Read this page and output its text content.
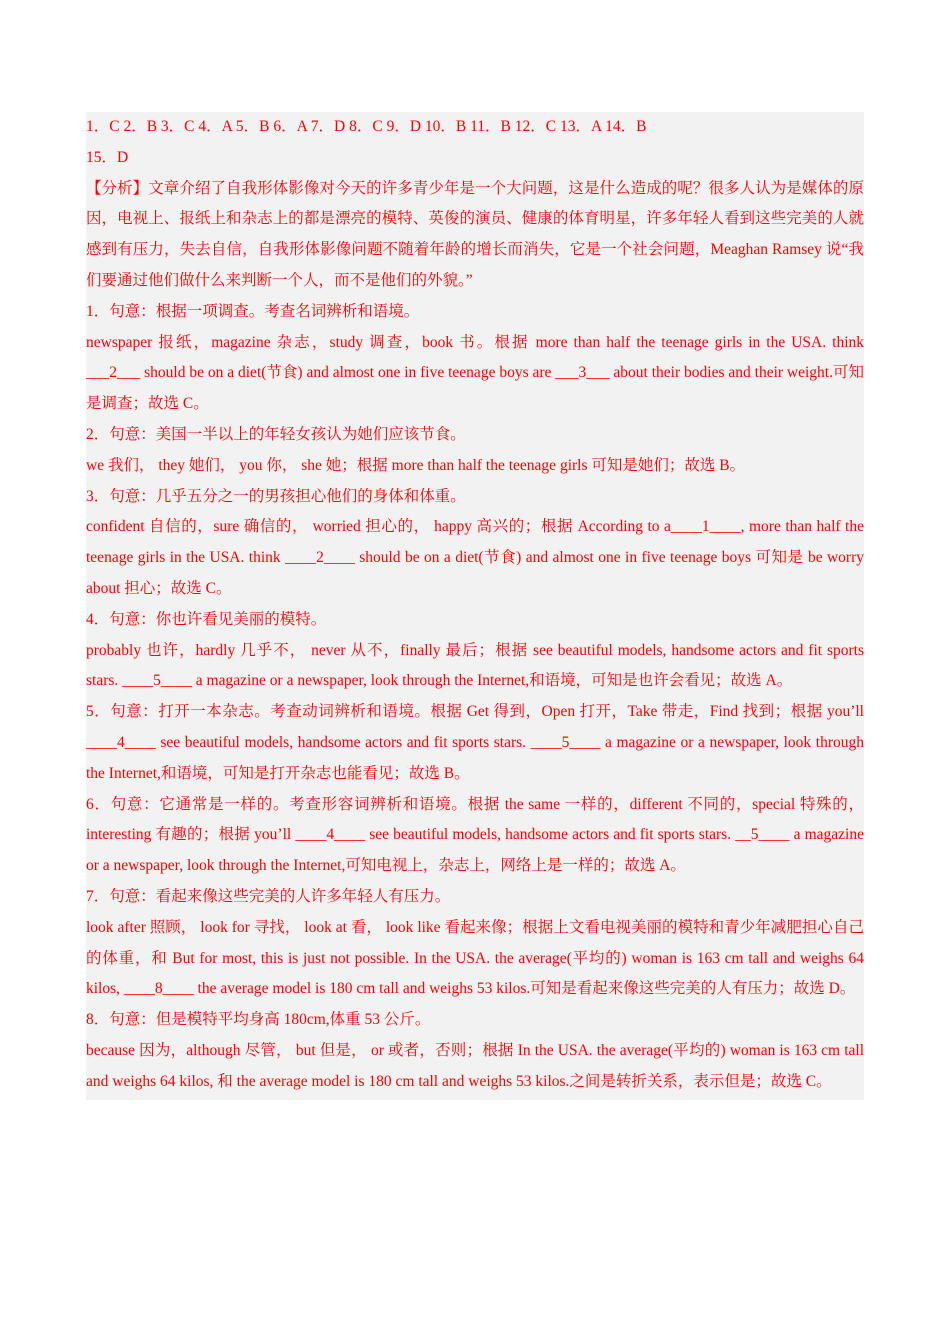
1．C 2．B 3．C 4．A 5．B 6．A 7．D 8．C 9．D 10．B 11．B 12．C 13．A 14．B
15．D

【分析】文章介绍了自我形体影像对今天的许多青少年是一个大问题，这是什么造成的呢？很多人认为是媒体的原因，电视上、报纸上和杂志上的都是漂亮的模特、英俊的演员、健康的体育明星，许多年轻人看到这些完美的人就感到有压力，失去自信，自我形体影像问题不随着年龄的增长而消失，它是一个社会问题，Meaghan Ramsey 说“我们要通过他们做什么来判断一个人，而不是他们的外貌。”

1．句意：根据一项调查。考查名词辨析和语境。

newspaper 报纸，magazine 杂志，study 调查，book 书。根据 more than half the teenage girls in the USA. think ___2___ should be on a diet(节食) and almost one in five teenage boys are ___3___ about their bodies and their weight.可知是调查；故选 C。

2．句意：美国一半以上的年轻女孩认为她们应该节食。

we 我们， they 她们， you 你， she 她；根据 more than half the teenage girls 可知是她们；故选 B。

3．句意：几乎五分之一的男孩担心他们的身体和体重。

confident 自信的，sure 确信的， worried 担心的， happy 高兴的；根据 According to a____1____, more than half the teenage girls in the USA. think ____2____ should be on a diet(节食) and almost one in five teenage boys 可知是 be worry about 担心；故选 C。

4．句意：你也许看见美丽的模特。

probably 也许，hardly 几乎不， never 从不，finally 最后；根据 see beautiful models, handsome actors and fit sports stars. ____5____ a magazine or a newspaper, look through the Internet,和语境，可知是也许会看见；故选 A。

5．句意：打开一本杂志。考查动词辨析和语境。根据 Get 得到，Open 打开，Take 带走，Find 找到；根据 you’ll ____4____ see beautiful models, handsome actors and fit sports stars. ____5____ a magazine or a newspaper, look through the Internet,和语境，可知是打开杂志也能看见；故选 B。

6．句意：它通常是一样的。考查形容词辨析和语境。根据 the same 一样的，different 不同的，special 特殊的， interesting 有趣的；根据 you’ll ____4____ see beautiful models, handsome actors and fit sports stars. __5____ a magazine or a newspaper, look through the Internet,可知电视上，杂志上，网络上是一样的；故选 A。

7．句意：看起来像这些完美的人许多年轻人有压力。

look after 照顾， look for 寻找， look at 看， look like 看起来像；根据上文看电视美丽的模特和青少年减肥担心自己的体重，和 But for most, this is just not possible. In the USA. the average(平均的) woman is 163 cm tall and weighs 64 kilos, ____8____ the average model is 180 cm tall and weighs 53 kilos.可知是看起来像这些完美的人有压力；故选 D。

8．句意：但是模特平均身高 180cm,体重 53 公斤。

because 因为，although 尽管， but 但是， or 或者，否则；根据 In the USA. the average(平均的) woman is 163 cm tall and weighs 64 kilos, 和 the average model is 180 cm tall and weighs 53 kilos.之间是转折关系，表示但是；故选 C。
